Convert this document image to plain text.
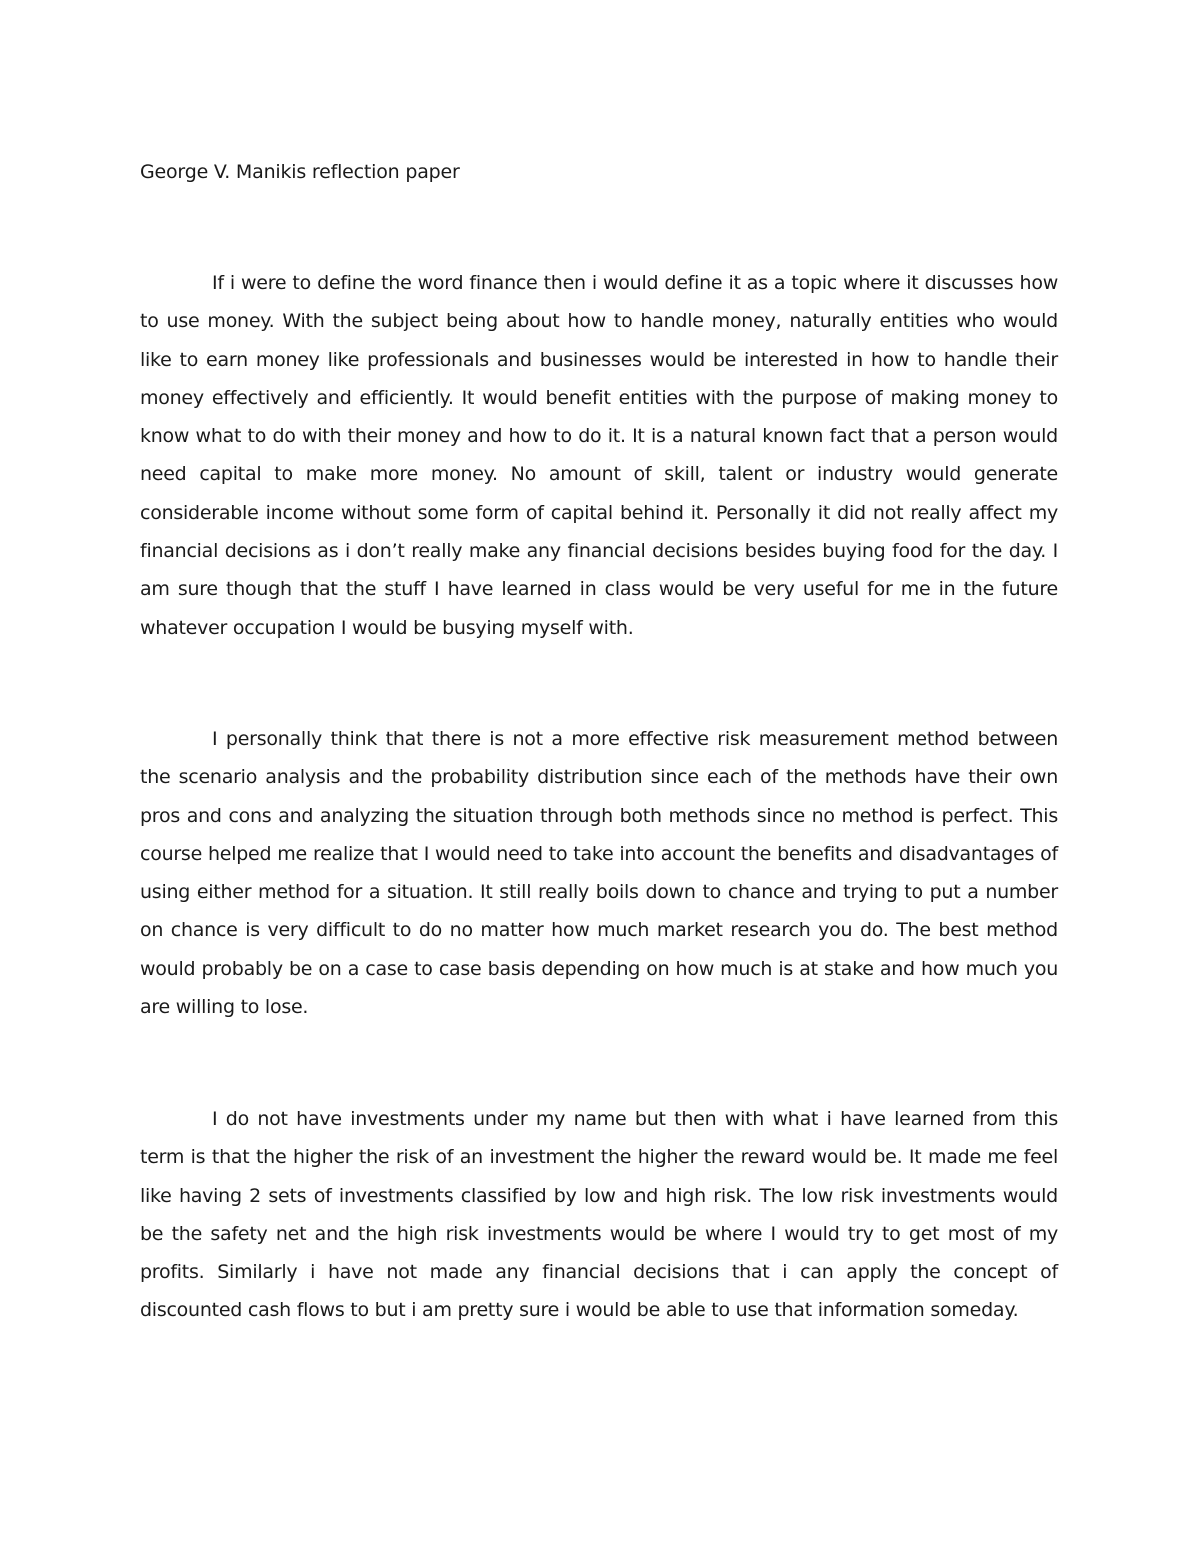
George V. Manikis reflection paper

If i were to define the word finance then i would define it as a topic where it discusses how to use money. With the subject being about how to handle money, naturally entities who would like to earn money like professionals and businesses would be interested in how to handle their money effectively and efficiently. It would benefit entities with the purpose of making money to know what to do with their money and how to do it. It is a natural known fact that a person would need capital to make more money. No amount of skill, talent or industry would generate considerable income without some form of capital behind it. Personally it did not really affect my financial decisions as i don’t really make any financial decisions besides buying food for the day. I am sure though that the stuff I have learned in class would be very useful for me in the future whatever occupation I would be busying myself with.

I personally think that there is not a more effective risk measurement method between the scenario analysis and the probability distribution since each of the methods have their own pros and cons and analyzing the situation through both methods since no method is perfect. This course helped me realize that I would need to take into account the benefits and disadvantages of using either method for a situation. It still really boils down to chance and trying to put a number on chance is very difficult to do no matter how much market research you do. The best method would probably be on a case to case basis depending on how much is at stake and how much you are willing to lose.

I do not have investments under my name but then with what i have learned from this term is that the higher the risk of an investment the higher the reward would be. It made me feel like having 2 sets of investments classified by low and high risk. The low risk investments would be the safety net and the high risk investments would be where I would try to get most of my profits. Similarly i have not made any financial decisions that i can apply the concept of discounted cash flows to but i am pretty sure i would be able to use that information someday.
